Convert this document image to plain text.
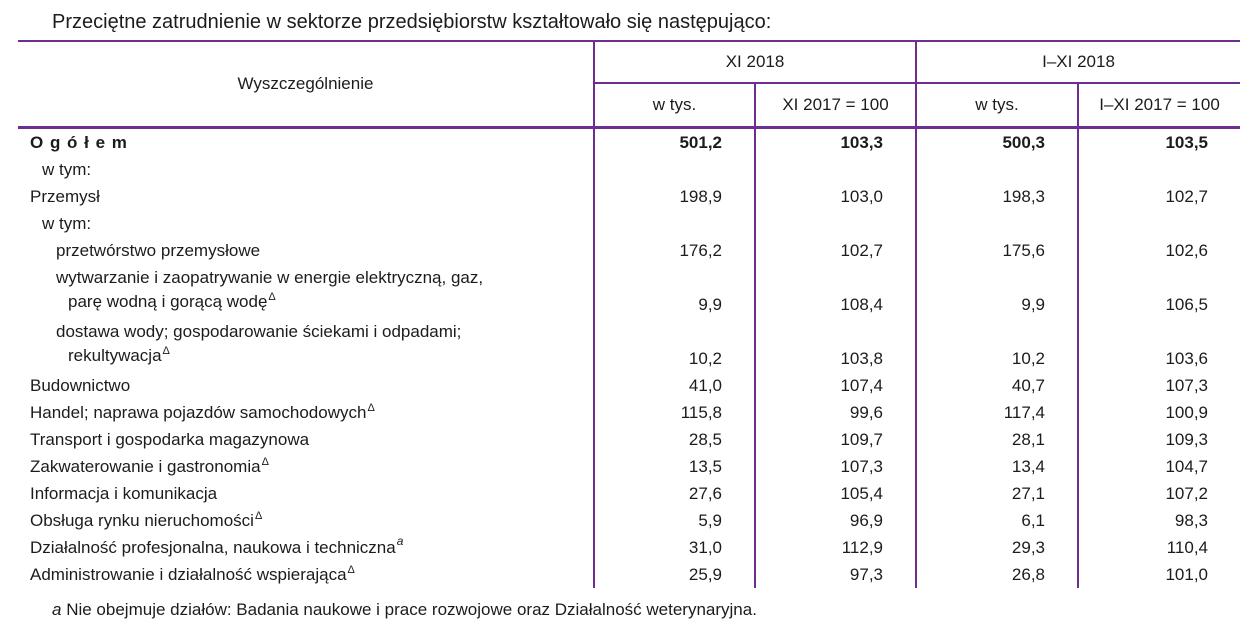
Przeciętne zatrudnienie w sektorze przedsiębiorstw kształtowało się następująco:
Wyszczególnienie	XI 2018		I–XI 2018	
	w tys.	XI 2017 = 100	w tys.	I–XI 2017 = 100
O g ó ł e m	501,2	103,3	500,3	103,5
w tym:				
Przemysł	198,9	103,0	198,3	102,7
w tym:				
przetwórstwo przemysłowe	176,2	102,7	175,6	102,6

wytwarzanie i zaopatrywanie w energie elektryczną, gaz,
parę wodną i gorącą wodę$^\Delta$	9,9	108,4	9,9	106,5

dostawa wody; gospodarowanie ściekami i odpadami;
rekultywacja$^\Delta$	10,2	103,8	10,2	103,6
Budownictwo	41,0	107,4	40,7	107,3
Handel; naprawa pojazdów samochodowych$^\Delta$	115,8	99,6	117,4	100,9
Transport i gospodarka magazynowa	28,5	109,7	28,1	109,3
Zakwaterowanie i gastronomia$^\Delta$	13,5	107,3	13,4	104,7
Informacja i komunikacja	27,6	105,4	27,1	107,2
Obsługa rynku nieruchomości$^\Delta$	5,9	96,9	6,1	98,3
Działalność profesjonalna, naukowa i techniczna$^a$	31,0	112,9	29,3	110,4
Administrowanie i działalność wspierająca$^\Delta$	25,9	97,3	26,8	101,0
a Nie obejmuje działów: Badania naukowe i prace rozwojowe oraz Działalność weterynaryjna.
